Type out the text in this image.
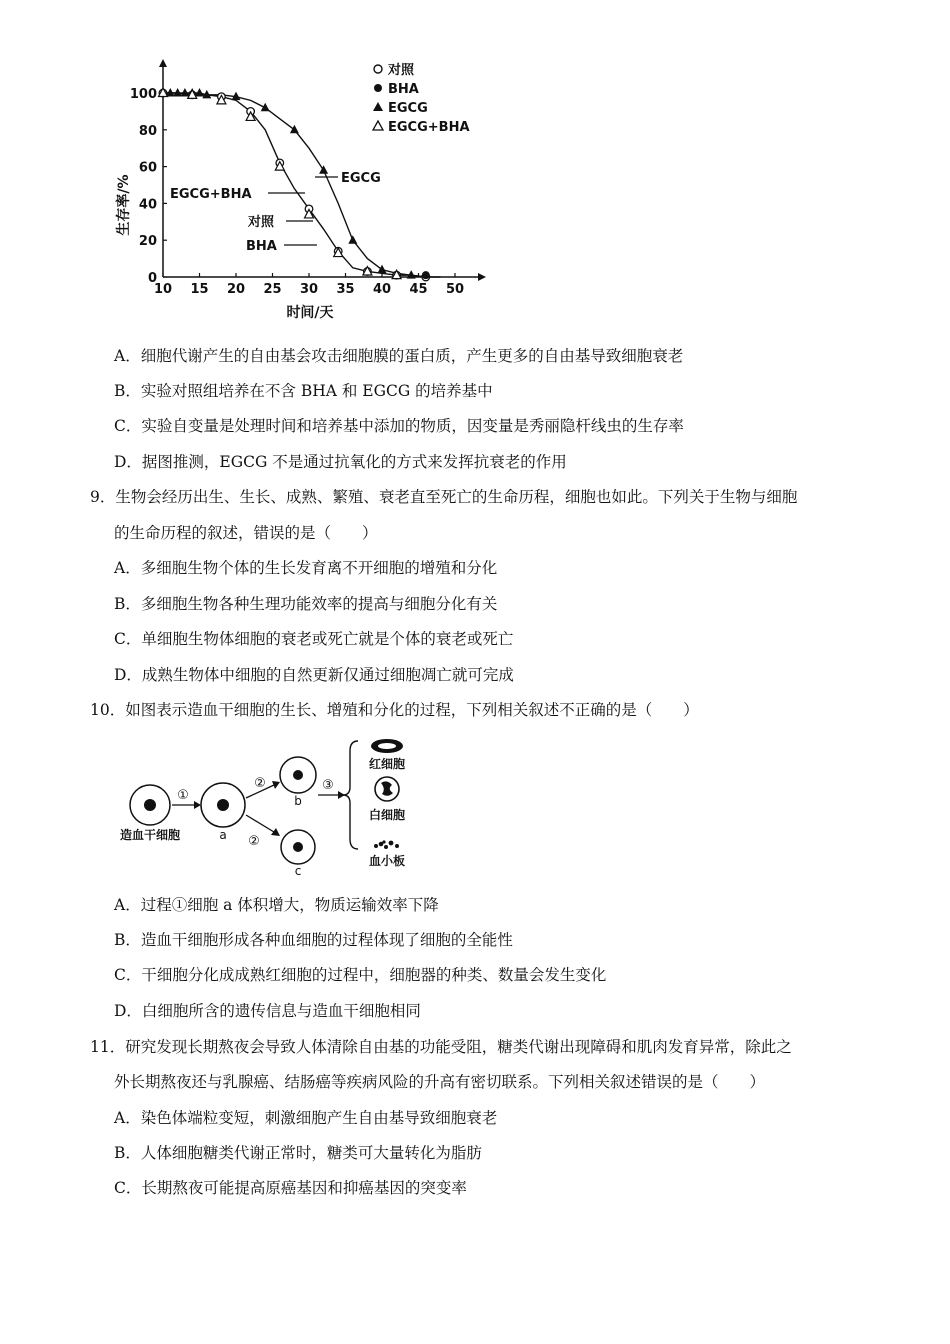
生存率/%
时间/天
10 15 20 25 30 35 40 45 50
0
20
40
60
80
100
对照
BHA
EGCG
EGCG+BHA
EGCG
EGCG+BHA
对照
BHA
A．细胞代谢产生的自由基会攻击细胞膜的蛋白质，产生更多的自由基导致细胞衰老
B．实验对照组培养在不含 BHA 和 EGCG 的培养基中
C．实验自变量是处理时间和培养基中添加的物质，因变量是秀丽隐杆线虫的生存率
D．据图推测，EGCG 不是通过抗氧化的方式来发挥抗衰老的作用
9．生物会经历出生、生长、成熟、繁殖、衰老直至死亡的生命历程，细胞也如此。下列关于生物与细胞
的生命历程的叙述，错误的是（　　）
A．多细胞生物个体的生长发育离不开细胞的增殖和分化
B．多细胞生物各种生理功能效率的提高与细胞分化有关
C．单细胞生物体细胞的衰老或死亡就是个体的衰老或死亡
D．成熟生物体中细胞的自然更新仅通过细胞凋亡就可完成
10．如图表示造血干细胞的生长、增殖和分化的过程，下列相关叙述不正确的是（　　）
造血干细胞
①
a
②
②
b
c
③
红细胞
白细胞
血小板
A．过程①细胞 a 体积增大，物质运输效率下降
B．造血干细胞形成各种血细胞的过程体现了细胞的全能性
C．干细胞分化成成熟红细胞的过程中，细胞器的种类、数量会发生变化
D．白细胞所含的遗传信息与造血干细胞相同
11．研究发现长期熬夜会导致人体清除自由基的功能受阻，糖类代谢出现障碍和肌肉发育异常，除此之
外长期熬夜还与乳腺癌、结肠癌等疾病风险的升高有密切联系。下列相关叙述错误的是（　　）
A．染色体端粒变短，刺激细胞产生自由基导致细胞衰老
B．人体细胞糖类代谢正常时，糖类可大量转化为脂肪
C．长期熬夜可能提高原癌基因和抑癌基因的突变率
